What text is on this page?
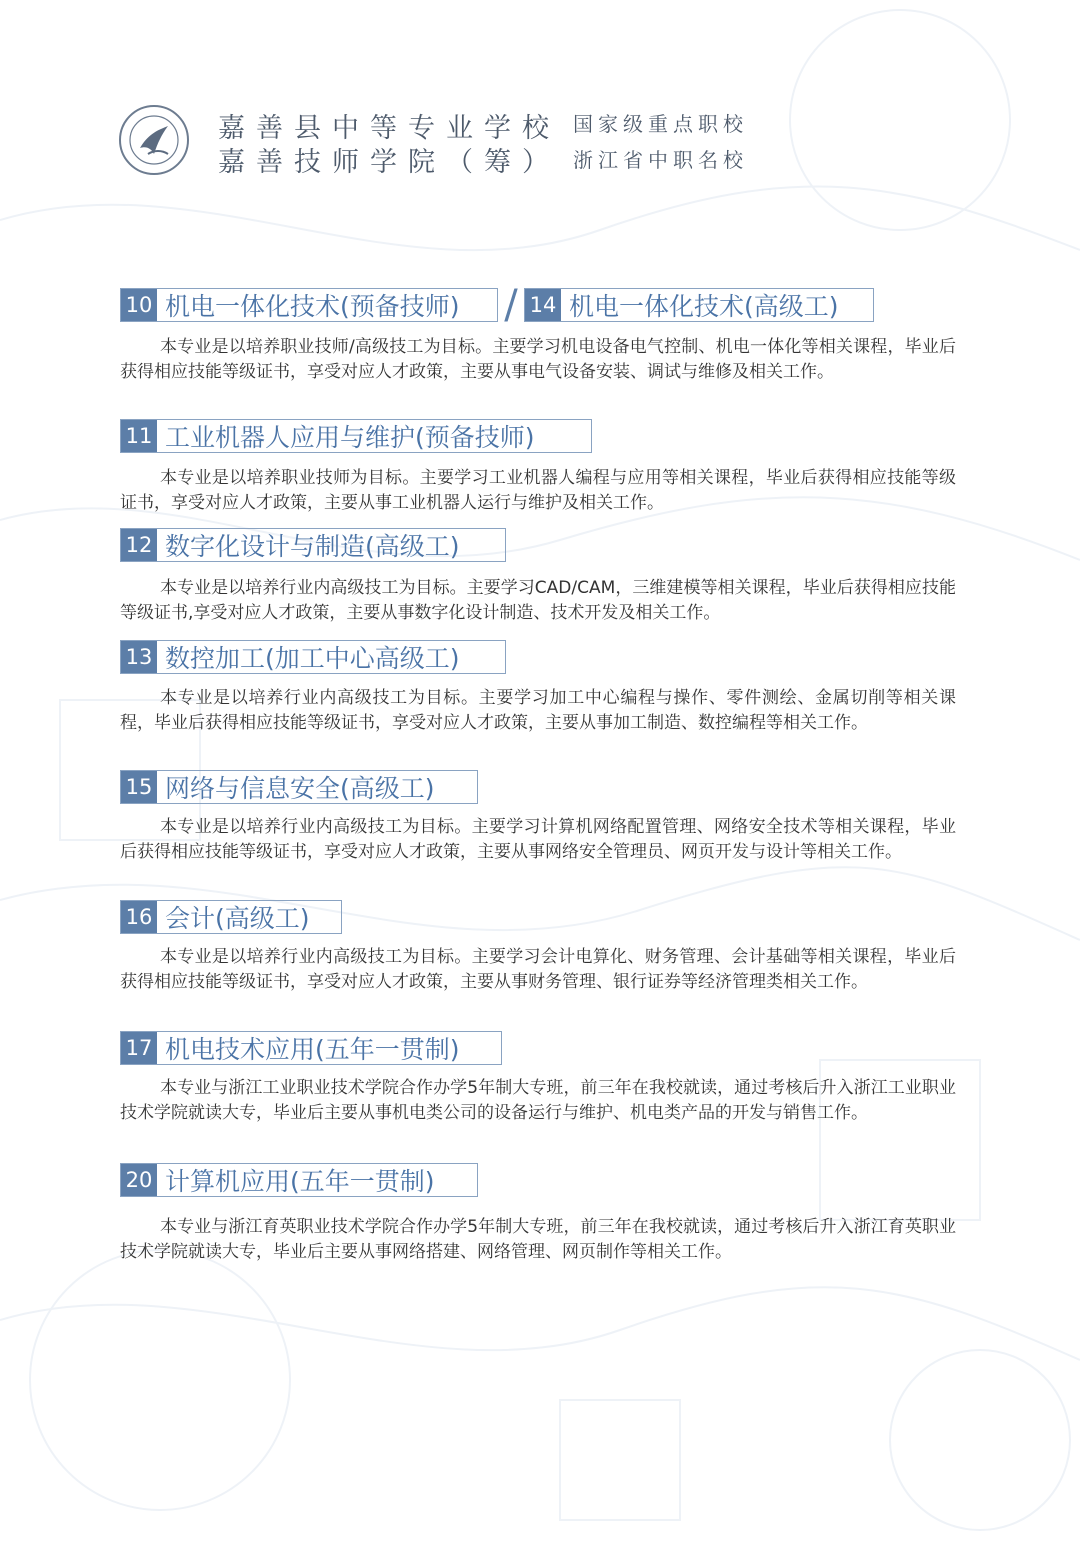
嘉善县中等专业学校
嘉善技师学院（筹）
国家级重点职校
浙江省中职名校
10 机电一体化技术(预备技师)	/ 14 机电一体化技术(高级工)

本专业是以培养职业技师/高级技工为目标。主要学习机电设备电气控制、机电一体化等相关课程，毕业后获得相应技能等级证书，享受对应人才政策，主要从事电气设备安装、调试与维修及相关工作。

11 工业机器人应用与维护(预备技师)

本专业是以培养职业技师为目标。主要学习工业机器人编程与应用等相关课程，毕业后获得相应技能等级证书，享受对应人才政策，主要从事工业机器人运行与维护及相关工作。

12 数字化设计与制造(高级工)

本专业是以培养行业内高级技工为目标。主要学习CAD/CAM，三维建模等相关课程，毕业后获得相应技能等级证书,享受对应人才政策，主要从事数字化设计制造、技术开发及相关工作。

13 数控加工(加工中心高级工)

本专业是以培养行业内高级技工为目标。主要学习加工中心编程与操作、零件测绘、金属切削等相关课程，毕业后获得相应技能等级证书，享受对应人才政策，主要从事加工制造、数控编程等相关工作。

15 网络与信息安全(高级工)

本专业是以培养行业内高级技工为目标。主要学习计算机网络配置管理、网络安全技术等相关课程，毕业后获得相应技能等级证书，享受对应人才政策，主要从事网络安全管理员、网页开发与设计等相关工作。

16 会计(高级工)

本专业是以培养行业内高级技工为目标。主要学习会计电算化、财务管理、会计基础等相关课程，毕业后获得相应技能等级证书，享受对应人才政策，主要从事财务管理、银行证券等经济管理类相关工作。

17 机电技术应用(五年一贯制)

本专业与浙江工业职业技术学院合作办学5年制大专班，前三年在我校就读，通过考核后升入浙江工业职业技术学院就读大专，毕业后主要从事机电类公司的设备运行与维护、机电类产品的开发与销售工作。

20 计算机应用(五年一贯制)

本专业与浙江育英职业技术学院合作办学5年制大专班，前三年在我校就读，通过考核后升入浙江育英职业技术学院就读大专，毕业后主要从事网络搭建、网络管理、网页制作等相关工作。
